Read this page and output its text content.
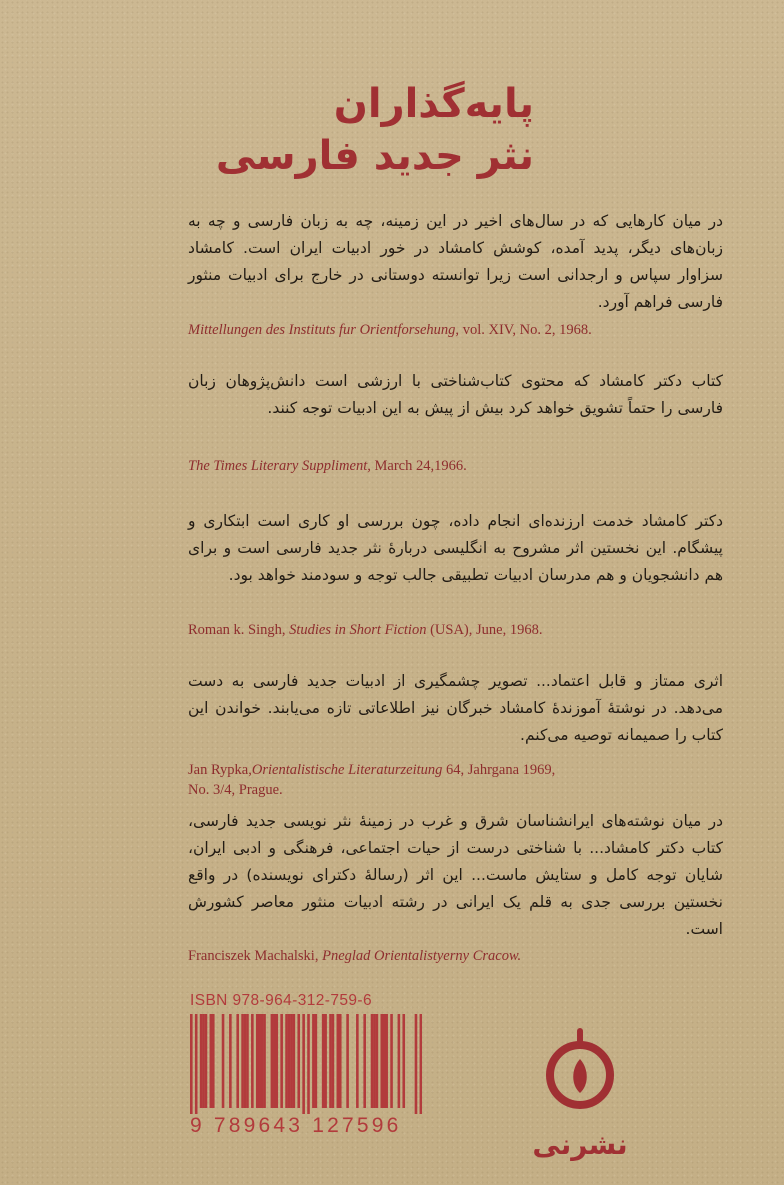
پایه‌گذاران
نثر جدید فارسی
در میان کارهایی که در سال‌های اخیر در این زمینه، چه به زبان فارسی و چه به زبان‌های دیگر، پدید آمده، کوشش کامشاد در خور ادبیات ایران است. کامشاد سزاوار سپاس و ارجدانی است زیرا توانسته دوستانی در خارج برای ادبیات منثور فارسی فراهم آورد.
Mittellungen des Instituts fur Orientforsehung, vol. XIV, No. 2, 1968.
کتاب دکتر کامشاد که محتوی کتاب‌شناختی با ارزشی است دانش‌پژوهان زبان فارسی را حتماً تشویق خواهد کرد بیش از پیش به این ادبیات توجه کنند.
The Times Literary Suppliment, March 24,1966.
دکتر کامشاد خدمت ارزنده‌ای انجام داده، چون بررسی او کاری است ابتکاری و پیشگام. این نخستین اثر مشروح به انگلیسی دربارهٔ نثر جدید فارسی است و برای هم دانشجویان و هم مدرسان ادبیات تطبیقی جالب توجه و سودمند خواهد بود.
Roman k. Singh, Studies in Short Fiction (USA), June, 1968.
اثری ممتاز و قابل اعتماد... تصویر چشمگیری از ادبیات جدید فارسی به دست می‌دهد. در نوشتهٔ آموزندهٔ کامشاد خبرگان نیز اطلاعاتی تازه می‌یابند. خواندن این کتاب را صمیمانه توصیه می‌کنم.
Jan Rypka,Orientalistische Literaturzeitung 64, Jahrgana 1969,
No. 3/4, Prague.
در میان نوشته‌های ایرانشناسان شرق و غرب در زمینهٔ نثر نویسی جدید فارسی، کتاب دکتر کامشاد... با شناختی درست از حیات اجتماعی، فرهنگی و ادبی ایران، شایان توجه کامل و ستایش ماست... این اثر (رسالهٔ دکترای نویسنده) در واقع نخستین بررسی جدی به قلم یک ایرانی در رشته ادبیات منثور معاصر کشورش است.
Franciszek Machalski, Pneglad Orientalistyerny Cracow.
ISBN 978-964-312-759-6
9 789643 127596
نشرنی
